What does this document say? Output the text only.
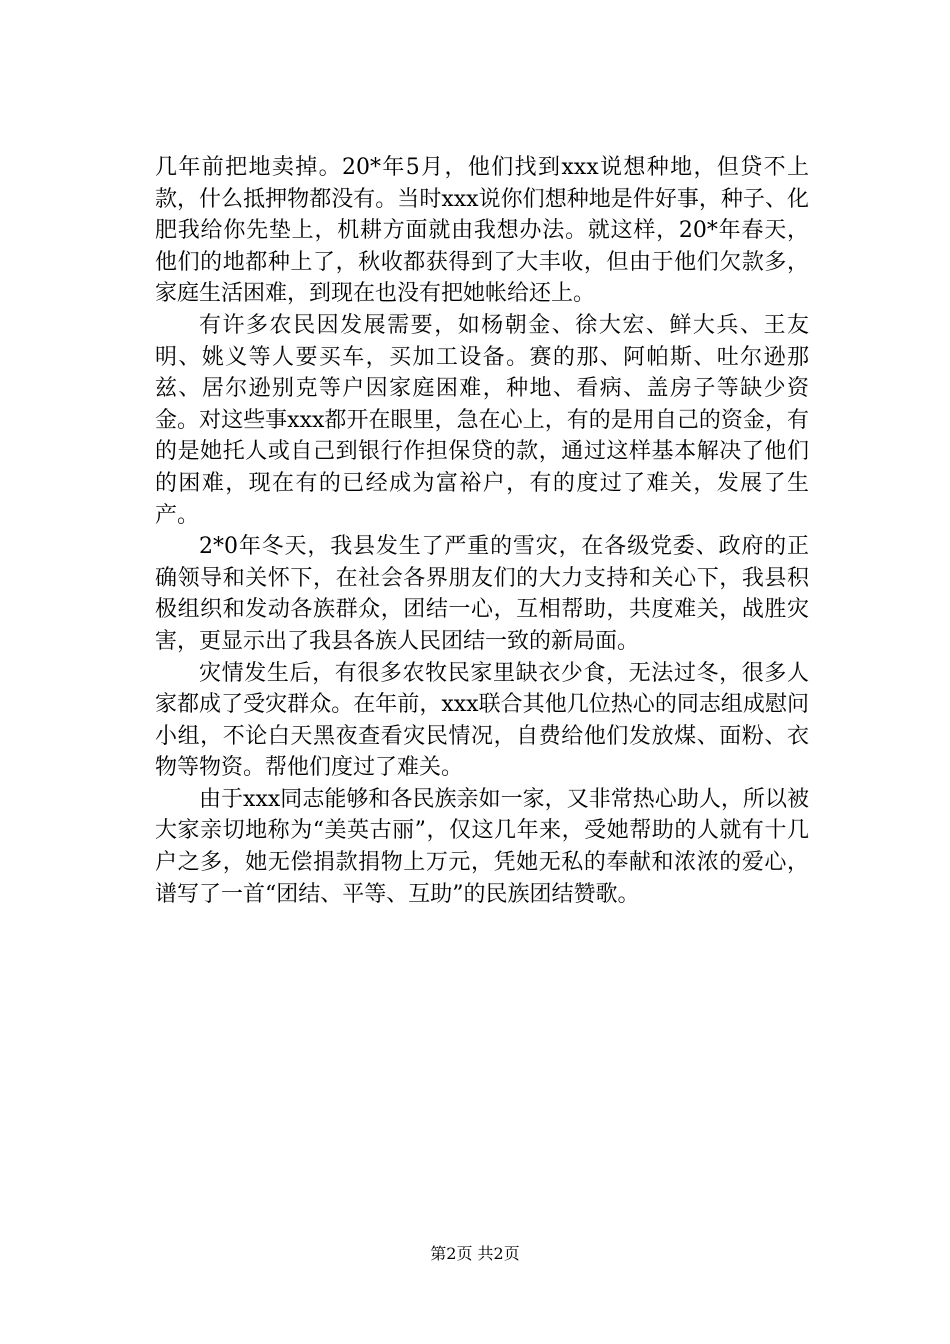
几年前把地卖掉。20*年5月，他们找到xxx说想种地，但贷不上款，什么抵押物都没有。当时xxx说你们想种地是件好事，种子、化肥我给你先垫上，机耕方面就由我想办法。就这样，20*年春天，他们的地都种上了，秋收都获得到了大丰收，但由于他们欠款多，家庭生活困难，到现在也没有把她帐给还上。

有许多农民因发展需要，如杨朝金、徐大宏、鲜大兵、王友明、姚义等人要买车，买加工设备。赛的那、阿帕斯、吐尔逊那兹、居尔逊别克等户因家庭困难，种地、看病、盖房子等缺少资金。对这些事xxx都开在眼里，急在心上，有的是用自己的资金，有的是她托人或自己到银行作担保贷的款，通过这样基本解决了他们的困难，现在有的已经成为富裕户，有的度过了难关，发展了生产。

2*0年冬天，我县发生了严重的雪灾，在各级党委、政府的正确领导和关怀下，在社会各界朋友们的大力支持和关心下，我县积极组织和发动各族群众，团结一心，互相帮助，共度难关，战胜灾害，更显示出了我县各族人民团结一致的新局面。

灾情发生后，有很多农牧民家里缺衣少食，无法过冬，很多人家都成了受灾群众。在年前，xxx联合其他几位热心的同志组成慰问小组，不论白天黑夜查看灾民情况，自费给他们发放煤、面粉、衣物等物资。帮他们度过了难关。

由于xxx同志能够和各民族亲如一家，又非常热心助人，所以被大家亲切地称为“美英古丽”，仅这几年来，受她帮助的人就有十几户之多，她无偿捐款捐物上万元，凭她无私的奉献和浓浓的爱心，谱写了一首“团结、平等、互助”的民族团结赞歌。

第2页 共2页
